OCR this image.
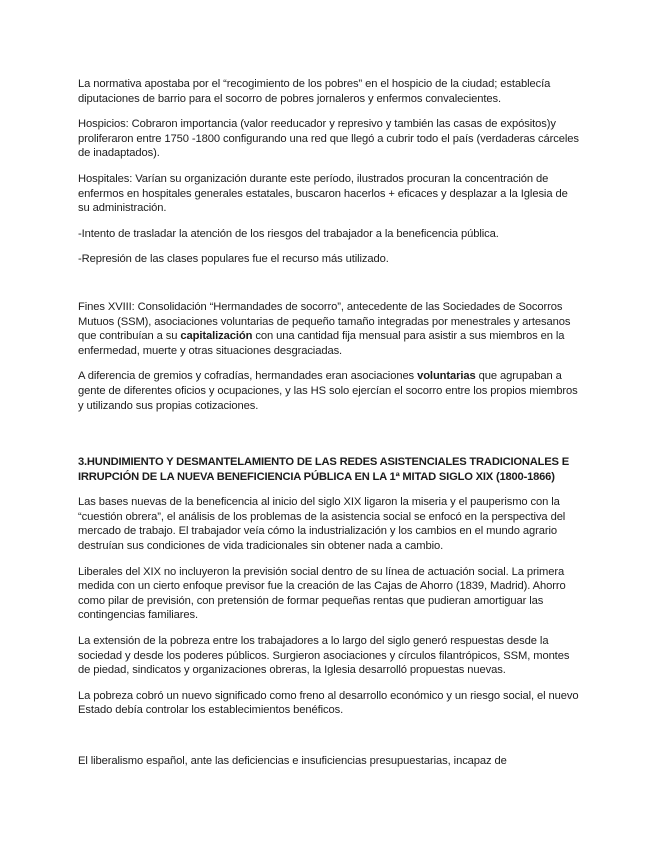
La normativa apostaba por el “recogimiento de los pobres” en el hospicio de la ciudad; establecía diputaciones de barrio para el socorro de pobres jornaleros y enfermos convalecientes.

Hospicios: Cobraron importancia (valor reeducador y represivo y también las casas de expósitos)y proliferaron entre 1750 -1800 configurando una red que llegó a cubrir todo el país (verdaderas cárceles de inadaptados).

Hospitales: Varían su organización durante este período, ilustrados procuran la concentración de enfermos en hospitales generales estatales, buscaron hacerlos + eficaces y desplazar a la Iglesia de su administración.

-Intento de trasladar la atención de los riesgos del trabajador a la beneficencia pública.

-Represión de las clases populares fue el recurso más utilizado.

Fines XVIII: Consolidación “Hermandades de socorro”, antecedente de las Sociedades de Socorros Mutuos (SSM), asociaciones voluntarias de pequeño tamaño integradas por menestrales y artesanos que contribuían a su capitalización con una cantidad fija mensual para asistir a sus miembros en la enfermedad, muerte y otras situaciones desgraciadas.

A diferencia de gremios y cofradías, hermandades eran asociaciones voluntarias que agrupaban a gente de diferentes oficios y ocupaciones, y las HS solo ejercían el socorro entre los propios miembros y utilizando sus propias cotizaciones.

3.HUNDIMIENTO Y DESMANTELAMIENTO DE LAS REDES ASISTENCIALES TRADICIONALES E IRRUPCIÓN DE LA NUEVA BENEFICIENCIA PÚBLICA EN LA 1ª MITAD SIGLO XIX (1800-1866)

Las bases nuevas de la beneficencia al inicio del siglo XIX ligaron la miseria y el pauperismo con la “cuestión obrera”, el análisis de los problemas de la asistencia social se enfocó en la perspectiva del mercado de trabajo. El trabajador veía cómo la industrialización y los cambios en el mundo agrario destruían sus condiciones de vida tradicionales sin obtener nada a cambio.

Liberales del XIX no incluyeron la previsión social dentro de su línea de actuación social. La primera medida con un cierto enfoque previsor fue la creación de las Cajas de Ahorro (1839, Madrid). Ahorro como pilar de previsión, con pretensión de formar pequeñas rentas que pudieran amortiguar las contingencias familiares.

La extensión de la pobreza entre los trabajadores a lo largo del siglo generó respuestas desde la sociedad y desde los poderes públicos. Surgieron asociaciones y círculos filantrópicos, SSM, montes de piedad, sindicatos y organizaciones obreras, la Iglesia desarrolló propuestas nuevas.

La pobreza cobró un nuevo significado como freno al desarrollo económico y un riesgo social, el nuevo Estado debía controlar los establecimientos benéficos.

El liberalismo español, ante las deficiencias e insuficiencias presupuestarias, incapaz de
